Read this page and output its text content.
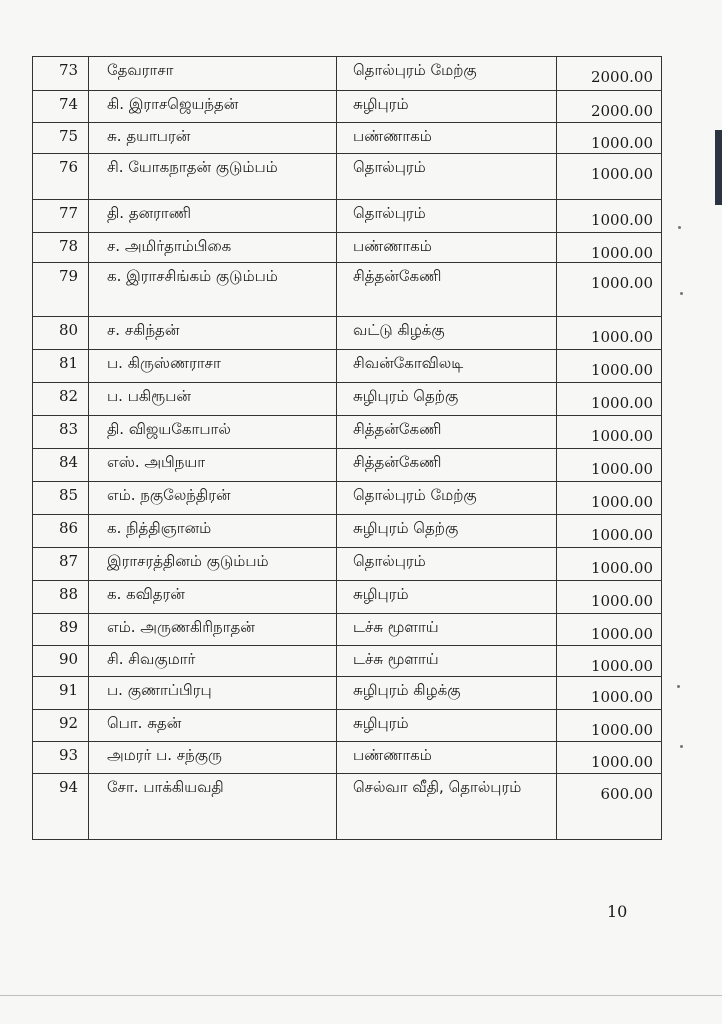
73 தேவராசா	தொல்புரம் மேற்கு	2000.00
74 கி. இராசஜெயந்தன்	சுழிபுரம்	2000.00
75 சு. தயாபரன்	பண்ணாகம்	1000.00
76 சி. யோகநாதன் குடும்பம்	தொல்புரம்	1000.00
77 தி. தனராணி	தொல்புரம்	1000.00
78 ச. அமிர்தாம்பிகை	பண்ணாகம்	1000.00
79 க. இராசசிங்கம் குடும்பம்	சித்தன்கேணி	1000.00
80 ச. சகிந்தன்	வட்டு கிழக்கு	1000.00
81 ப. கிருஸ்ணராசா	சிவன்கோவிலடி	1000.00
82 ப. பகிரூபன்	சுழிபுரம் தெற்கு	1000.00
83 தி. விஜயகோபால்	சித்தன்கேணி	1000.00
84 எஸ். அபிநயா	சித்தன்கேணி	1000.00
85 எம். நகுலேந்திரன்	தொல்புரம் மேற்கு	1000.00
86 க. நித்திஞானம்	சுழிபுரம் தெற்கு	1000.00
87 இராசரத்தினம் குடும்பம்	தொல்புரம்	1000.00
88 க. கவிதரன்	சுழிபுரம்	1000.00
89 எம். அருணகிரிநாதன்	டச்சு மூளாய்	1000.00
90 சி. சிவகுமார்	டச்சு மூளாய்	1000.00
91 ப. குணாப்பிரபு	சுழிபுரம் கிழக்கு	1000.00
92 பொ. சுதன்	சுழிபுரம்	1000.00
93 அமரர் ப. சந்குரு	பண்ணாகம்	1000.00
94 சோ. பாக்கியவதி	செல்வா வீதி, தொல்புரம்	600.00
10
